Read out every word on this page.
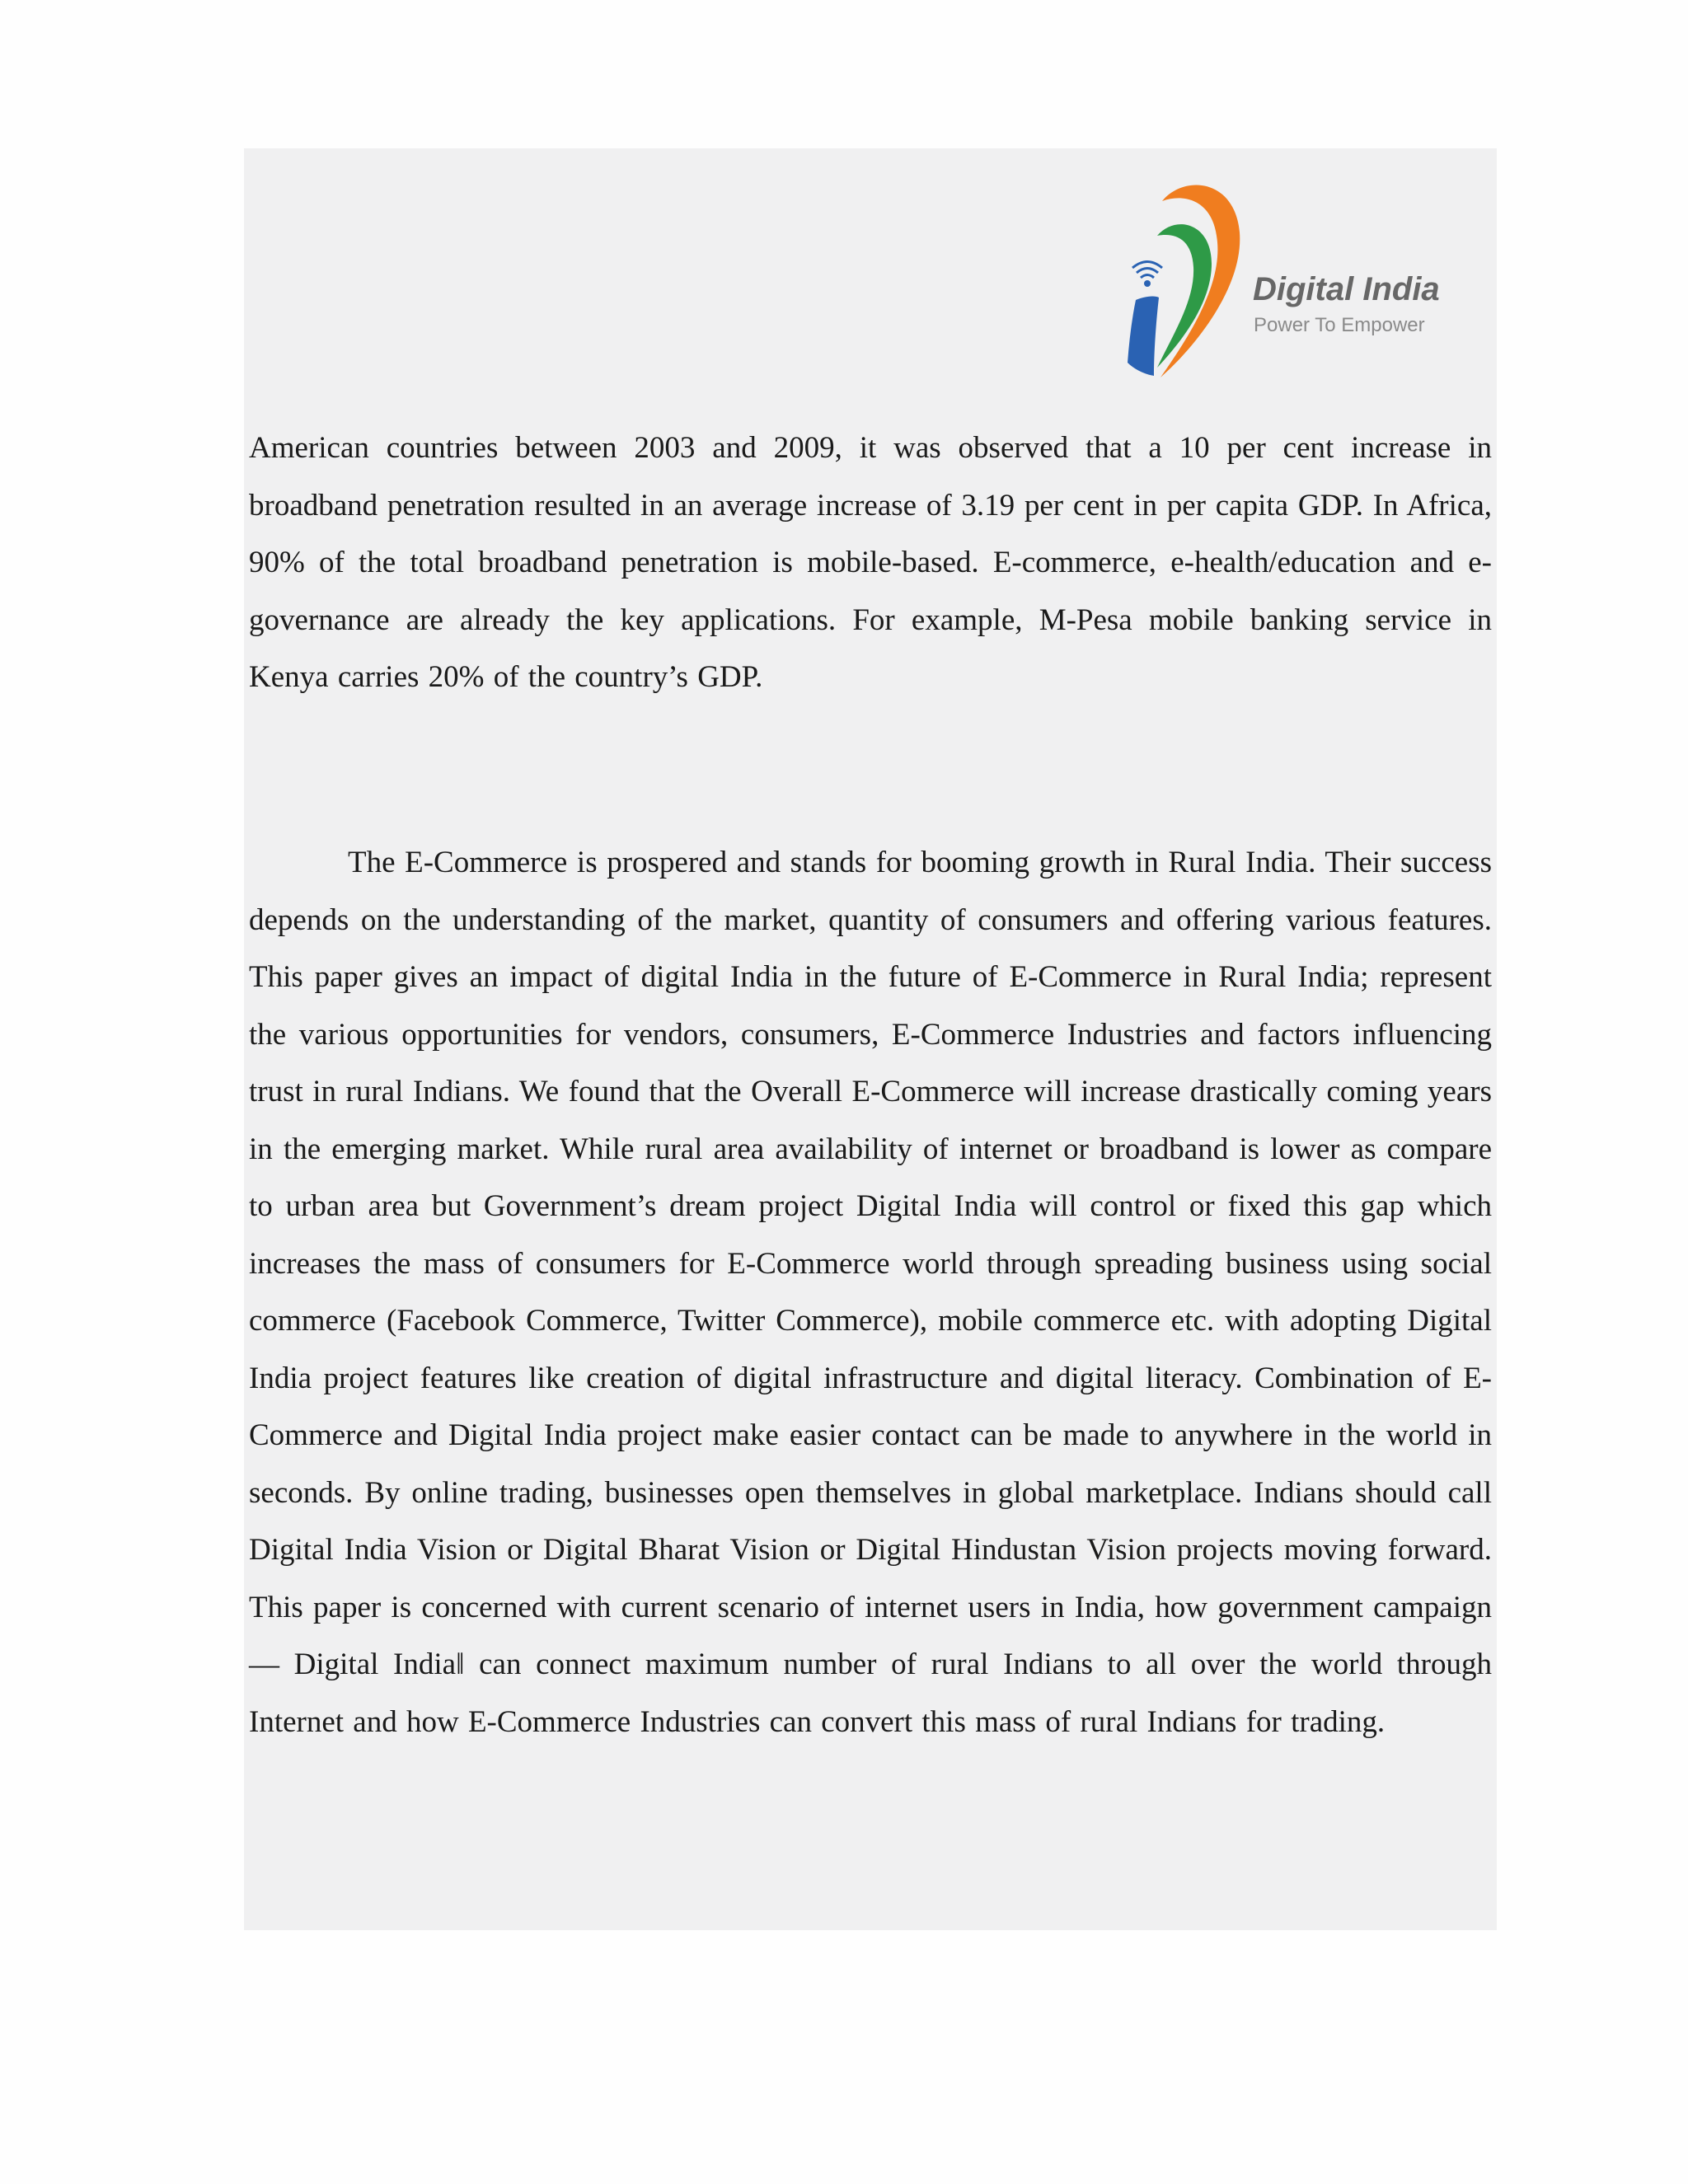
Digital India
Power To Empower

American countries between 2003 and 2009, it was observed that a 10 per cent increase in broadband penetration resulted in an average increase of 3.19 per cent in per capita GDP. In Africa, 90% of the total broadband penetration is mobile-based. E-commerce, e-health/education and e-governance are already the key applications. For example, M-Pesa mobile banking service in Kenya carries 20% of the country’s GDP.

The E-Commerce is prospered and stands for booming growth in Rural India. Their success depends on the understanding of the market, quantity of consumers and offering various features. This paper gives an impact of digital India in the future of E-Commerce in Rural India; represent the various opportunities for vendors, consumers, E-Commerce Industries and factors influencing trust in rural Indians. We found that the Overall E-Commerce will increase drastically coming years in the emerging market. While rural area availability of internet or broadband is lower as compare to urban area but Government’s dream project Digital India will control or fixed this gap which increases the mass of consumers for E-Commerce world through spreading business using social commerce (Facebook Commerce, Twitter Commerce), mobile commerce etc. with adopting Digital India project features like creation of digital infrastructure and digital literacy. Combination of E-Commerce and Digital India project make easier contact can be made to anywhere in the world in seconds. By online trading, businesses open themselves in global marketplace. Indians should call Digital India Vision or Digital Bharat Vision or Digital Hindustan Vision projects moving forward. This paper is concerned with current scenario of internet users in India, how government campaign ― Digital India‖ can connect maximum number of rural Indians to all over the world through Internet and how E-Commerce Industries can convert this mass of rural Indians for trading.
